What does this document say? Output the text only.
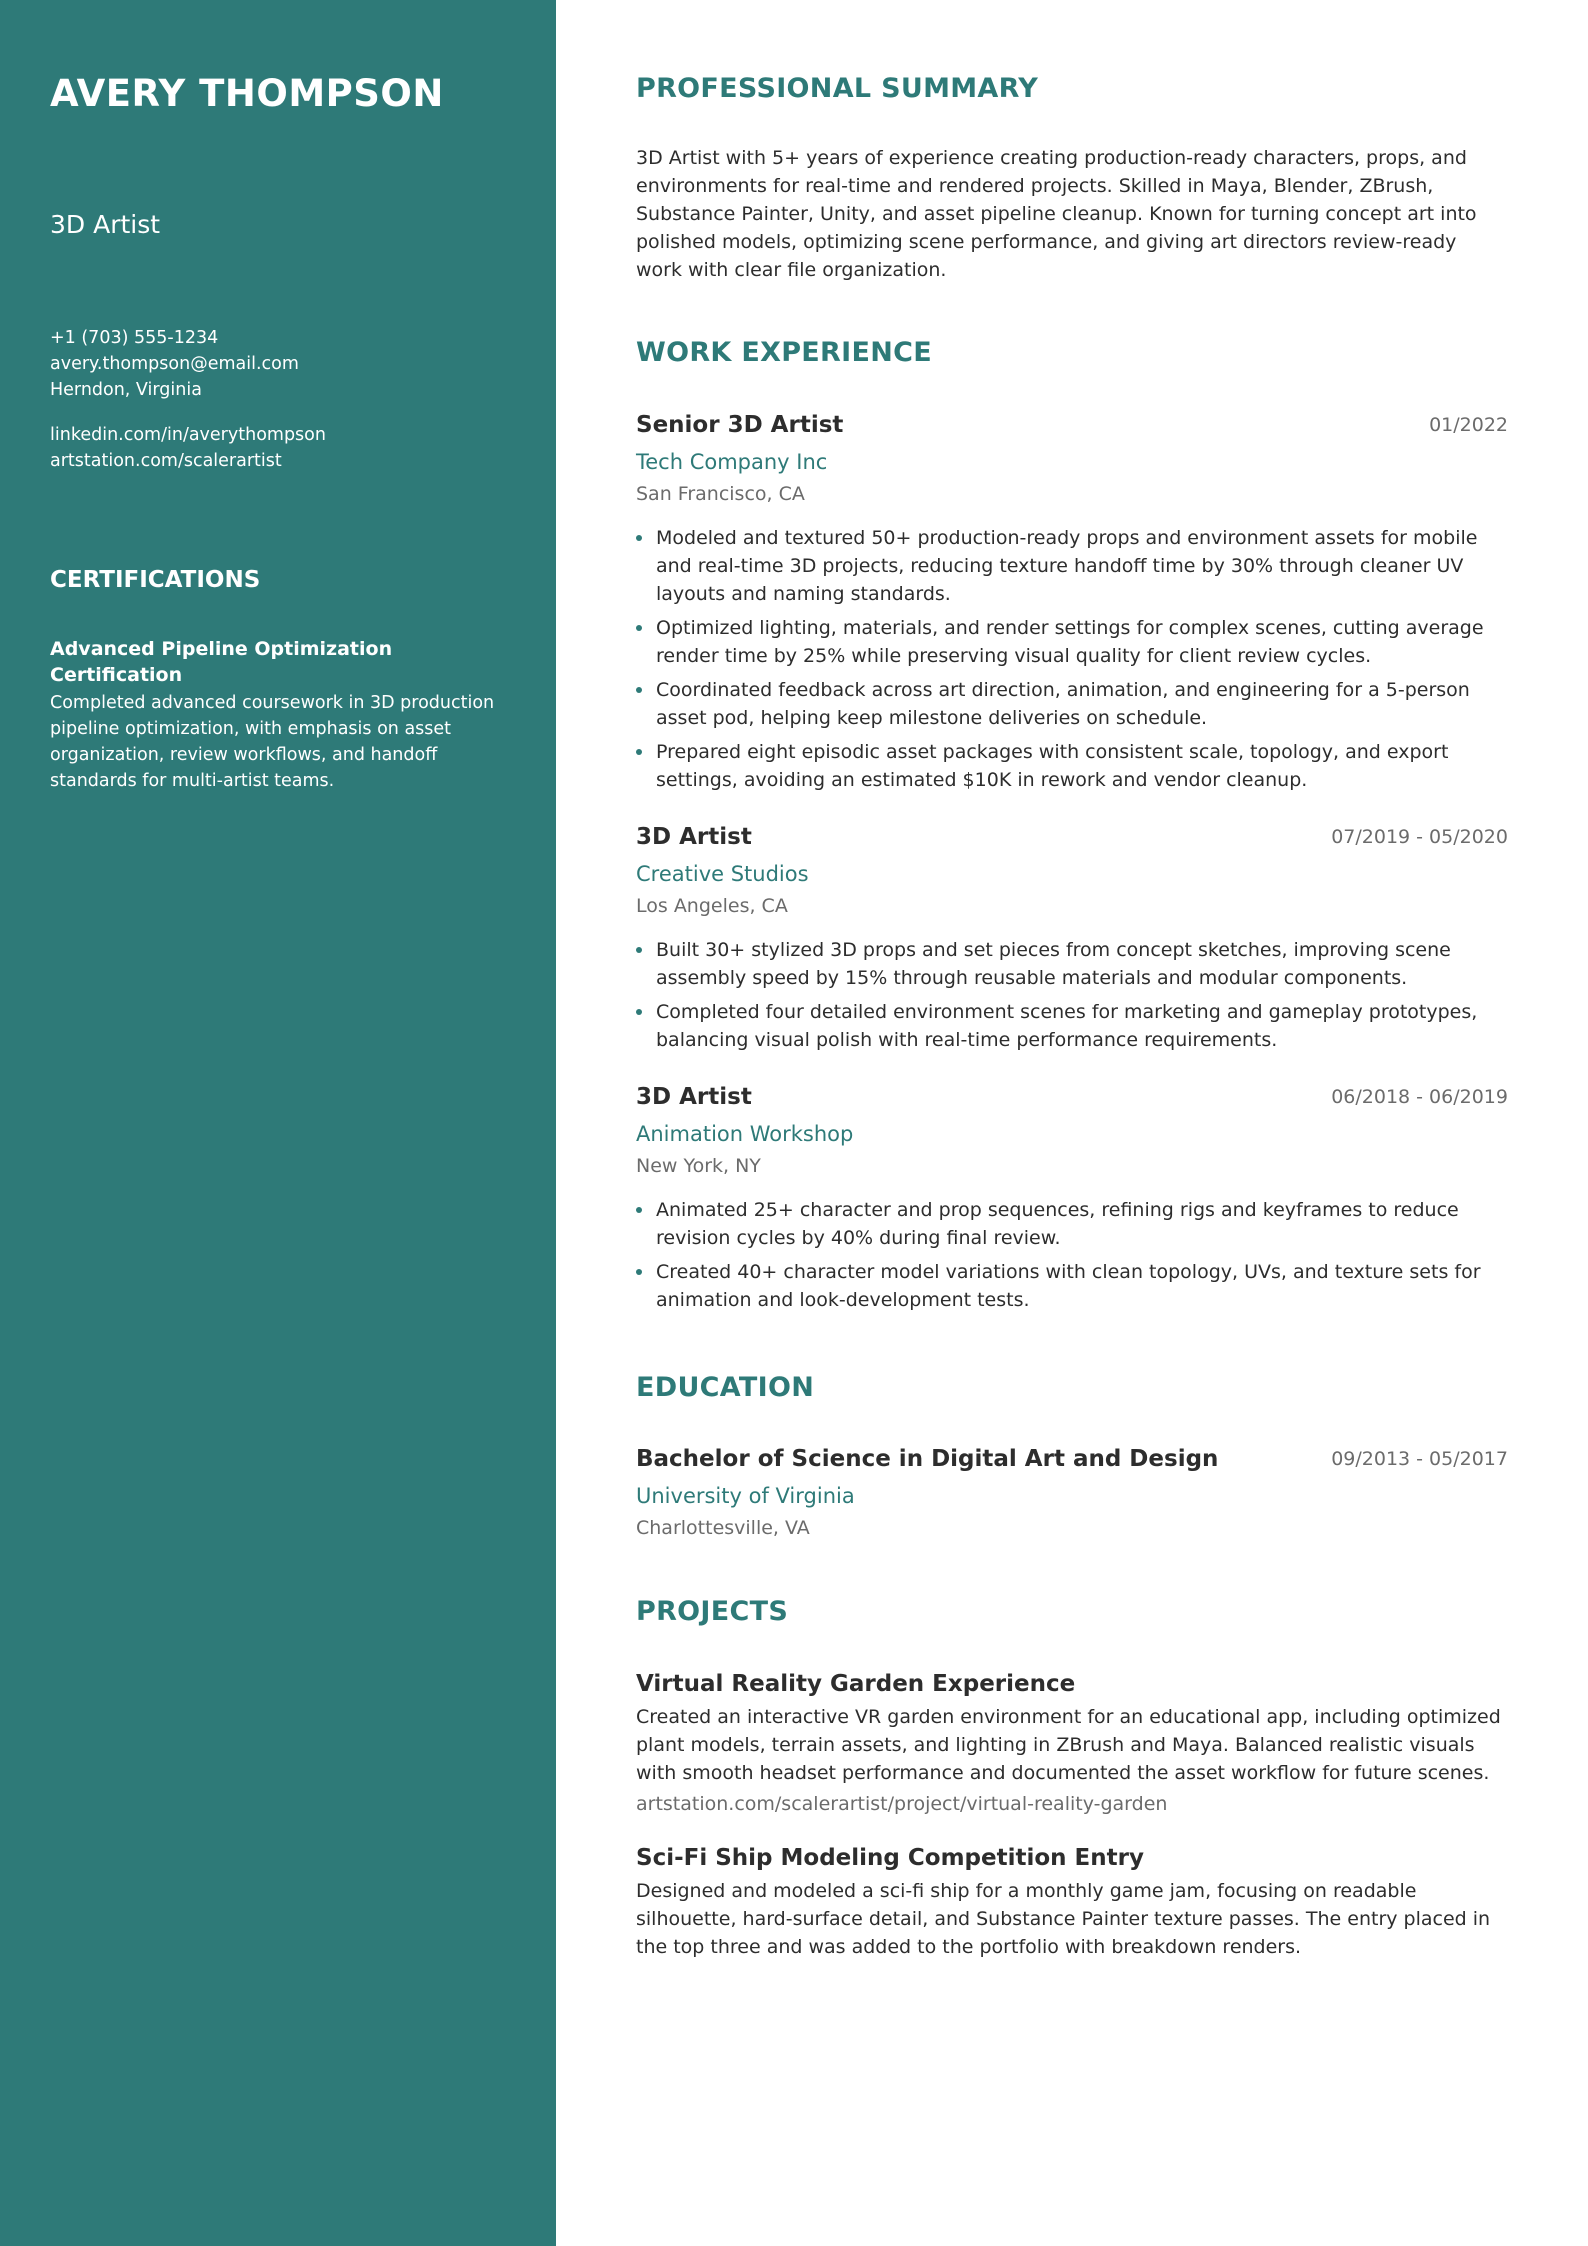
AVERY THOMPSON
3D Artist
+1 (703) 555-1234
avery.thompson@email.com
Herndon, Virginia
linkedin.com/in/averythompson
artstation.com/scalerartist
CERTIFICATIONS
Advanced Pipeline Optimization Certification
Completed advanced coursework in 3D production pipeline optimization, with emphasis on asset organization, review workflows, and handoff standards for multi-artist teams.
PROFESSIONAL SUMMARY

3D Artist with 5+ years of experience creating production-ready characters, props, and environments for real-time and rendered projects. Skilled in Maya, Blender, ZBrush, Substance Painter, Unity, and asset pipeline cleanup. Known for turning concept art into polished models, optimizing scene performance, and giving art directors review-ready work with clear file organization.

WORK EXPERIENCE
Senior 3D Artist	01/2022
Tech Company Inc
San Francisco, CA
Modeled and textured 50+ production-ready props and environment assets for mobile and real-time 3D projects, reducing texture handoff time by 30% through cleaner UV layouts and naming standards.
Optimized lighting, materials, and render settings for complex scenes, cutting average render time by 25% while preserving visual quality for client review cycles.
Coordinated feedback across art direction, animation, and engineering for a 5-person asset pod, helping keep milestone deliveries on schedule.
Prepared eight episodic asset packages with consistent scale, topology, and export settings, avoiding an estimated $10K in rework and vendor cleanup.
3D Artist	07/2019 - 05/2020
Creative Studios
Los Angeles, CA
Built 30+ stylized 3D props and set pieces from concept sketches, improving scene assembly speed by 15% through reusable materials and modular components.
Completed four detailed environment scenes for marketing and gameplay prototypes, balancing visual polish with real-time performance requirements.
3D Artist	06/2018 - 06/2019
Animation Workshop
New York, NY
Animated 25+ character and prop sequences, refining rigs and keyframes to reduce revision cycles by 40% during final review.
Created 40+ character model variations with clean topology, UVs, and texture sets for animation and look-development tests.
EDUCATION
Bachelor of Science in Digital Art and Design	09/2013 - 05/2017
University of Virginia
Charlottesville, VA
PROJECTS
Virtual Reality Garden Experience
Created an interactive VR garden environment for an educational app, including optimized plant models, terrain assets, and lighting in ZBrush and Maya. Balanced realistic visuals with smooth headset performance and documented the asset workflow for future scenes.
artstation.com/scalerartist/project/virtual-reality-garden
Sci-Fi Ship Modeling Competition Entry
Designed and modeled a sci-fi ship for a monthly game jam, focusing on readable silhouette, hard-surface detail, and Substance Painter texture passes. The entry placed in the top three and was added to the portfolio with breakdown renders.
